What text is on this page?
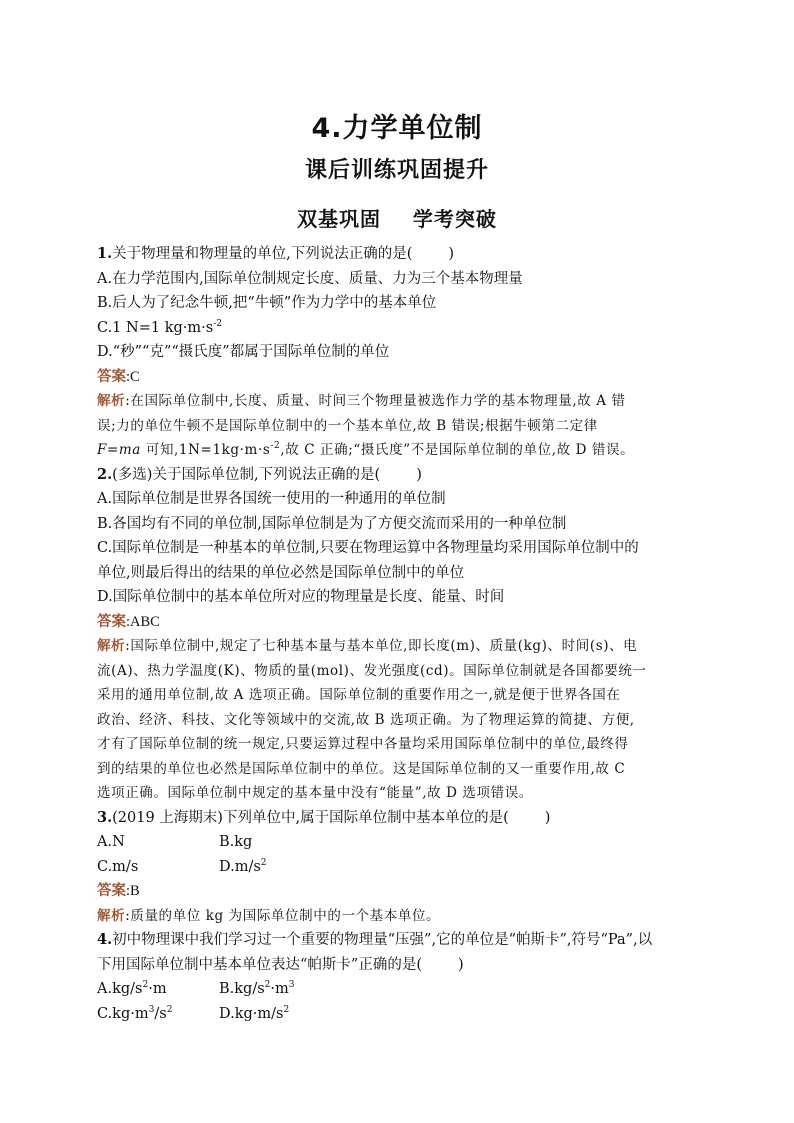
4.力学单位制
课后训练巩固提升
双基巩固    学考突破
1.关于物理量和物理量的单位,下列说法正确的是( )
A.在力学范围内,国际单位制规定长度、质量、力为三个基本物理量
B.后人为了纪念牛顿,把“牛顿”作为力学中的基本单位
C.1 N=1 $kg\cdot m\cdot s^{-2}$
D.“秒”“克”“摄氏度”都属于国际单位制的单位
答案:C
解析:在国际单位制中,长度、质量、时间三个物理量被选作力学的基本物理量,故 A 错
误;力的单位牛顿不是国际单位制中的一个基本单位,故 B 错误;根据牛顿第二定律
F=ma 可知$,1N=1kg\cdot m\cdot s^{-2}$,故 C 正确;“摄氏度”不是国际单位制的单位,故 D 错误。
2.(多选)关于国际单位制,下列说法正确的是( )
A.国际单位制是世界各国统一使用的一种通用的单位制
B.各国均有不同的单位制,国际单位制是为了方便交流而采用的一种单位制
C.国际单位制是一种基本的单位制,只要在物理运算中各物理量均采用国际单位制中的
单位,则最后得出的结果的单位必然是国际单位制中的单位
D.国际单位制中的基本单位所对应的物理量是长度、能量、时间
答案:ABC
解析:国际单位制中,规定了七种基本量与基本单位,即长度(m)、质量(kg)、时间(s)、电
流(A)、热力学温度(K)、物质的量(mol)、发光强度(cd)。国际单位制就是各国都要统一
采用的通用单位制,故 A 选项正确。国际单位制的重要作用之一,就是便于世界各国在
政治、经济、科技、文化等领域中的交流,故 B 选项正确。为了物理运算的简捷、方便,
才有了国际单位制的统一规定,只要运算过程中各量均采用国际单位制中的单位,最终得
到的结果的单位也必然是国际单位制中的单位。这是国际单位制的又一重要作用,故 C
选项正确。国际单位制中规定的基本量中没有“能量”,故 D 选项错误。
3.(2019 上海期末)下列单位中,属于国际单位制中基本单位的是( )
A.N	B.kg
C.m/s	$D.m/s^2$
答案:B
解析:质量的单位 kg 为国际单位制中的一个基本单位。
4.初中物理课中我们学习过一个重要的物理量“压强”,它的单位是“帕斯卡”,符号“Pa”,以
下用国际单位制中基本单位表达“帕斯卡”正确的是( )
$A.kg/s^2\cdot m$	$B.kg/s^2\cdot m^3$
$C.kg\cdot m^3/s^2$	$D.kg\cdot m/s^2$
